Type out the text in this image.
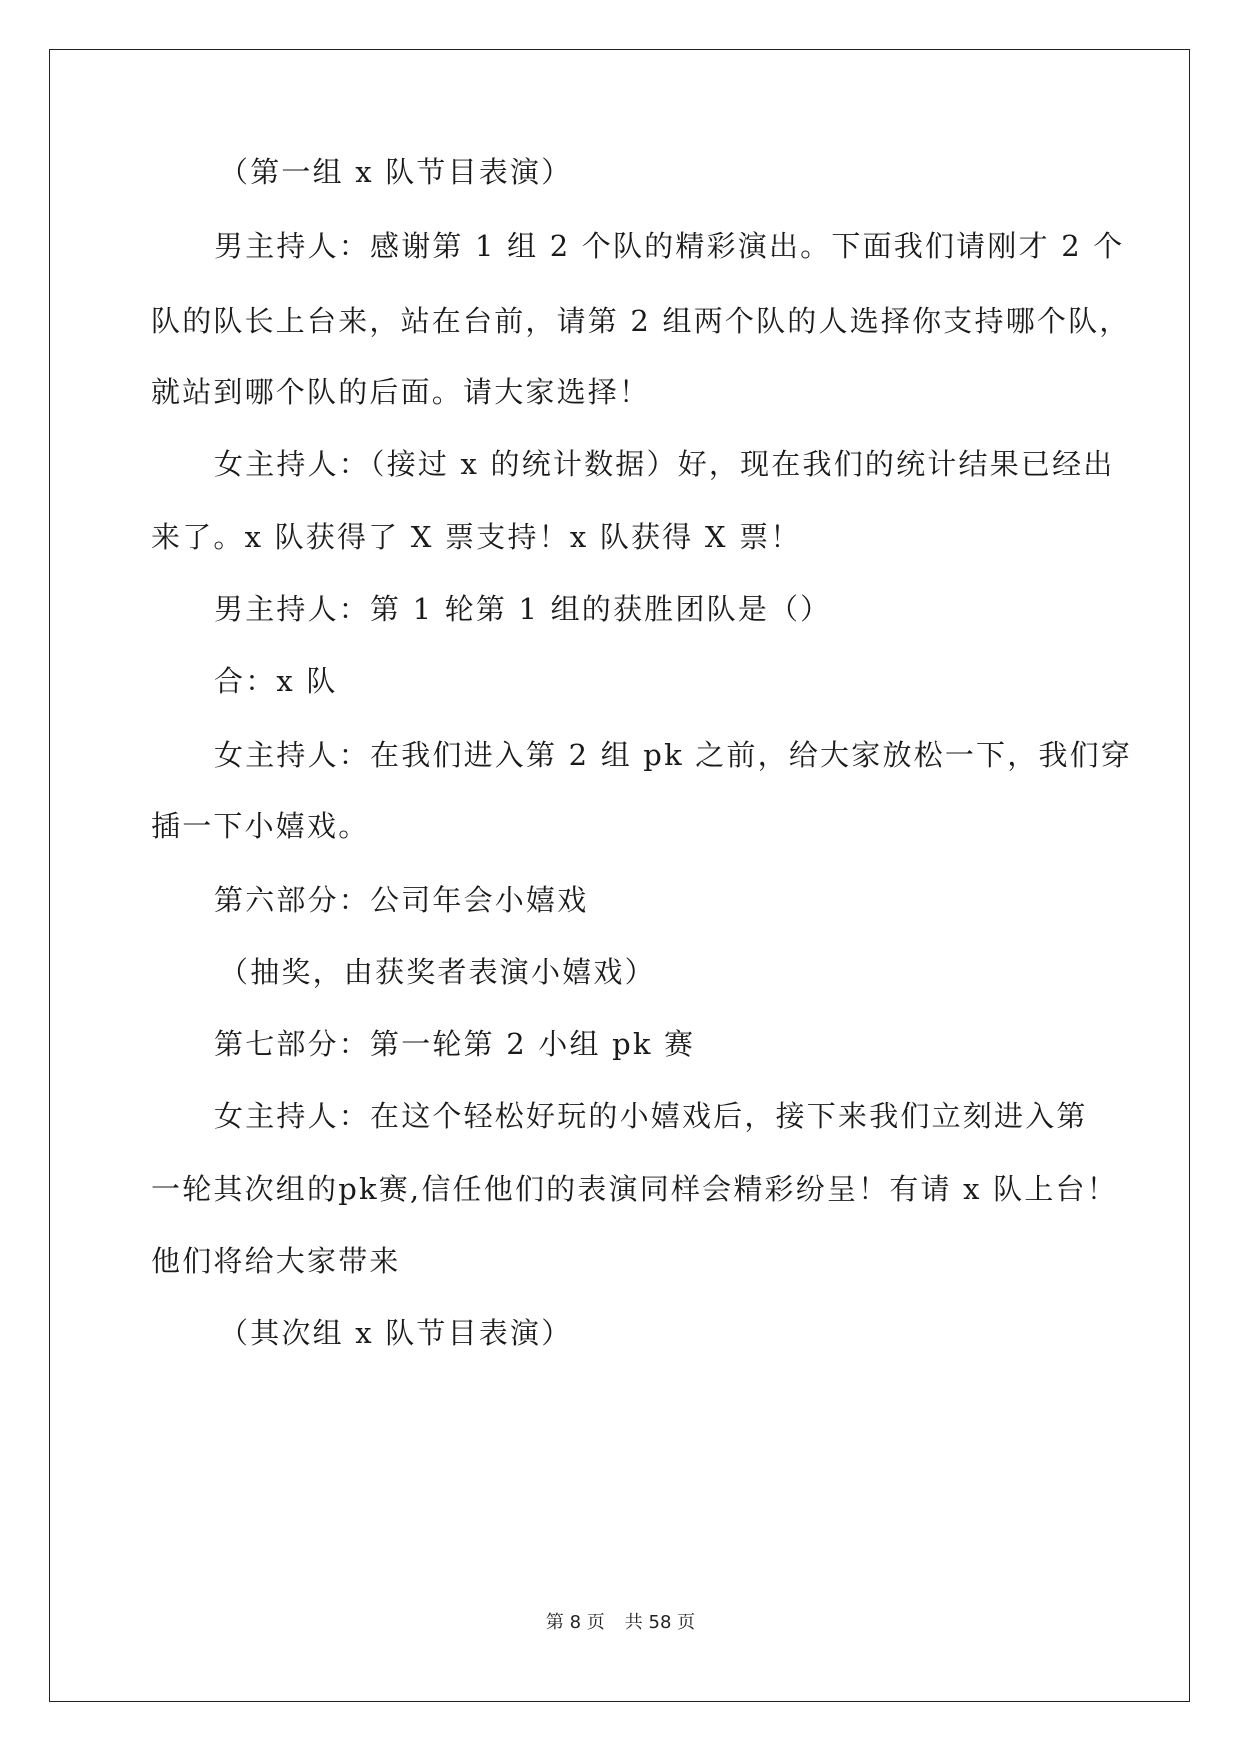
（第一组 x 队节目表演）
男主持人：感谢第 1 组 2 个队的精彩演出。下面我们请刚才 2 个
队的队长上台来，站在台前，请第 2 组两个队的人选择你支持哪个队，
就站到哪个队的后面。请大家选择！
女主持人：（接过 x 的统计数据）好，现在我们的统计结果已经出
来了。x 队获得了 X 票支持！x 队获得 X 票！
男主持人：第 1 轮第 1 组的获胜团队是（）
合：x 队
女主持人：在我们进入第 2 组 pk 之前，给大家放松一下，我们穿
插一下小嬉戏。
第六部分：公司年会小嬉戏
（抽奖，由获奖者表演小嬉戏）
第七部分：第一轮第 2 小组 pk 赛
女主持人：在这个轻松好玩的小嬉戏后，接下来我们立刻进入第
一轮其次组的pk赛,信任他们的表演同样会精彩纷呈！有请 x 队上台！
他们将给大家带来
（其次组 x 队节目表演）
第 8 页 共 58 页
